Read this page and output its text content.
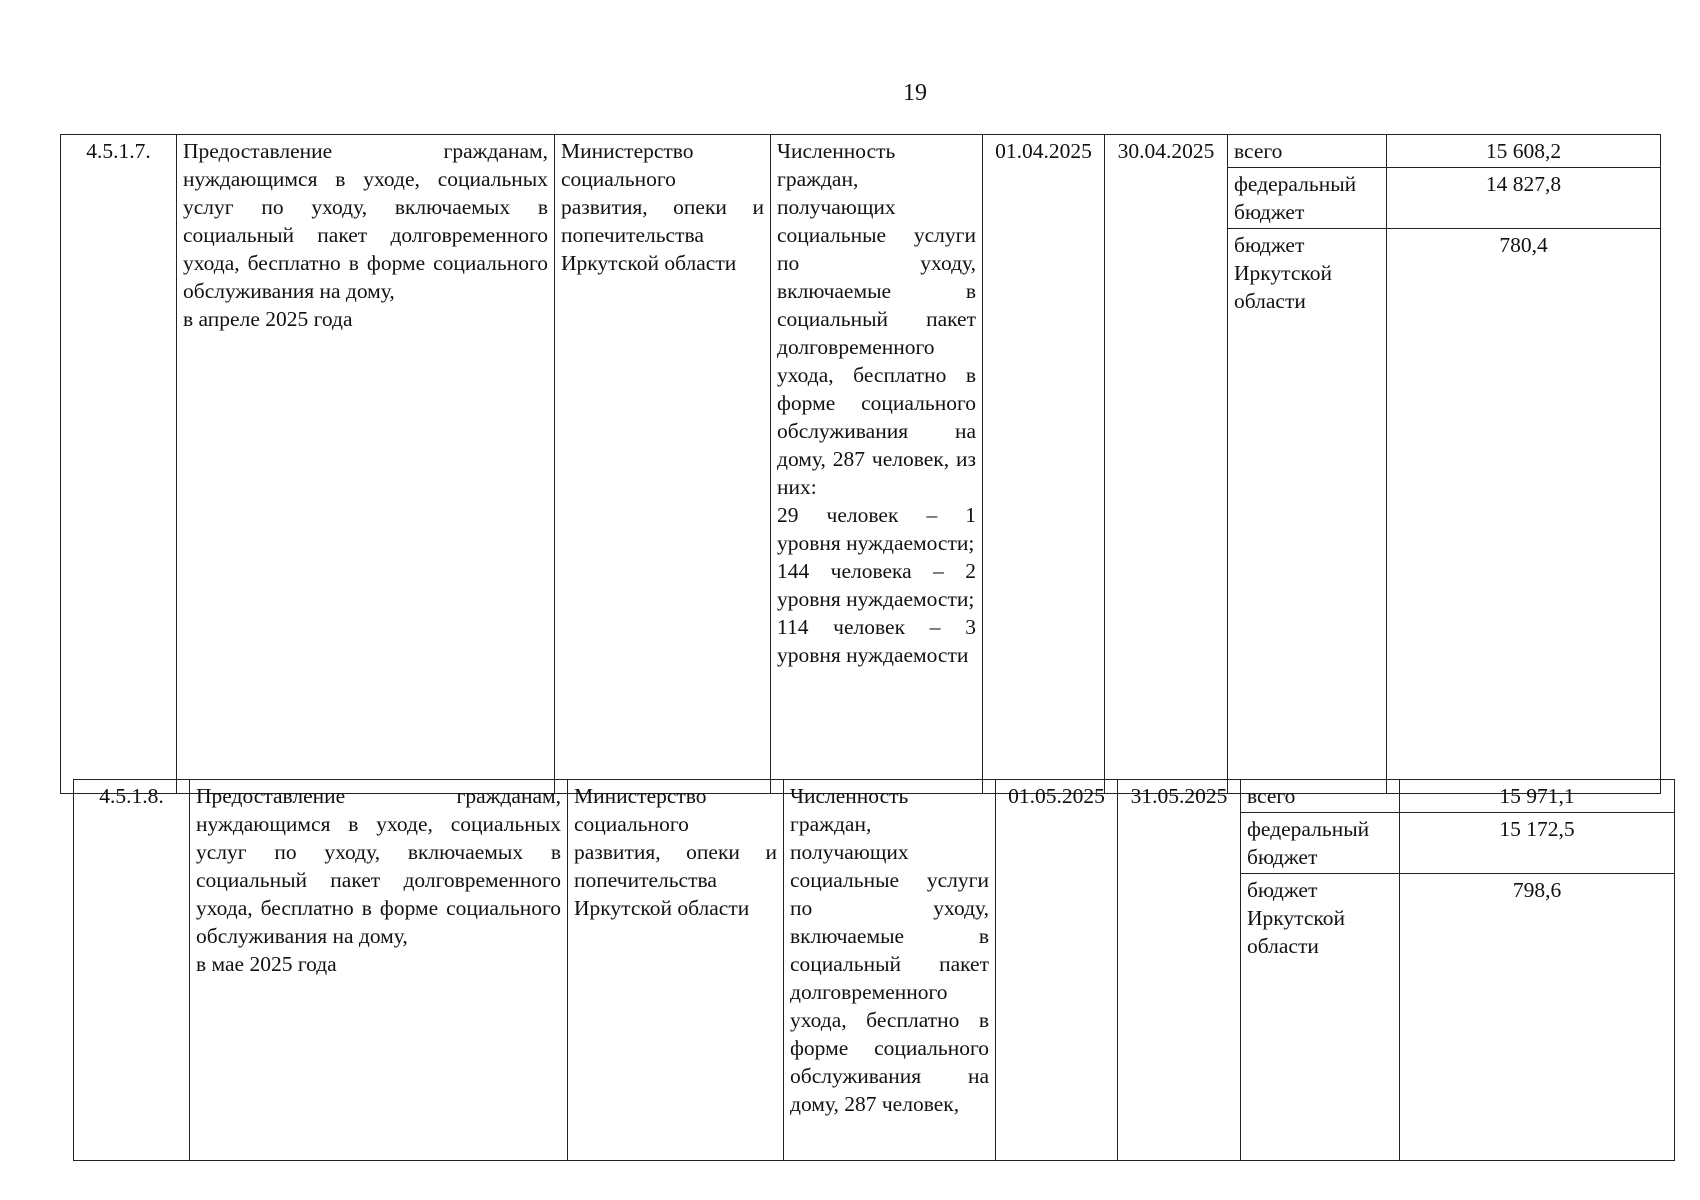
19
4.5.1.7.	Предоставление гражданам, нуждающимся в уходе, социальных услуг по уходу, включаемых в социальный пакет долговременного ухода, бесплатно в форме социального обслуживания на дому,
в апреле 2025 года	Министерство социального развития, опеки и попечительства Иркутской области	Численность граждан, получающих социальные услуги по уходу, включаемые в социальный пакет долговременного ухода, бесплатно в форме социального обслуживания на дому, 287 человек, из них:
29 человек – 1 уровня нуждаемости;
144 человека – 2 уровня нуждаемости;
114 человек – 3 уровня нуждаемости	01.04.2025	30.04.2025	всего	15 608,2
						федеральный бюджет	14 827,8
						бюджет Иркутской области	780,4
4.5.1.8.	Предоставление гражданам, нуждающимся в уходе, социальных услуг по уходу, включаемых в социальный пакет долговременного ухода, бесплатно в форме социального обслуживания на дому,
в мае 2025 года	Министерство социального развития, опеки и попечительства Иркутской области	Численность граждан, получающих социальные услуги по уходу, включаемые в социальный пакет долговременного ухода, бесплатно в форме социального обслуживания на дому, 287 человек,	01.05.2025	31.05.2025	всего	15 971,1
						федеральный бюджет	15 172,5
						бюджет Иркутской области	798,6
